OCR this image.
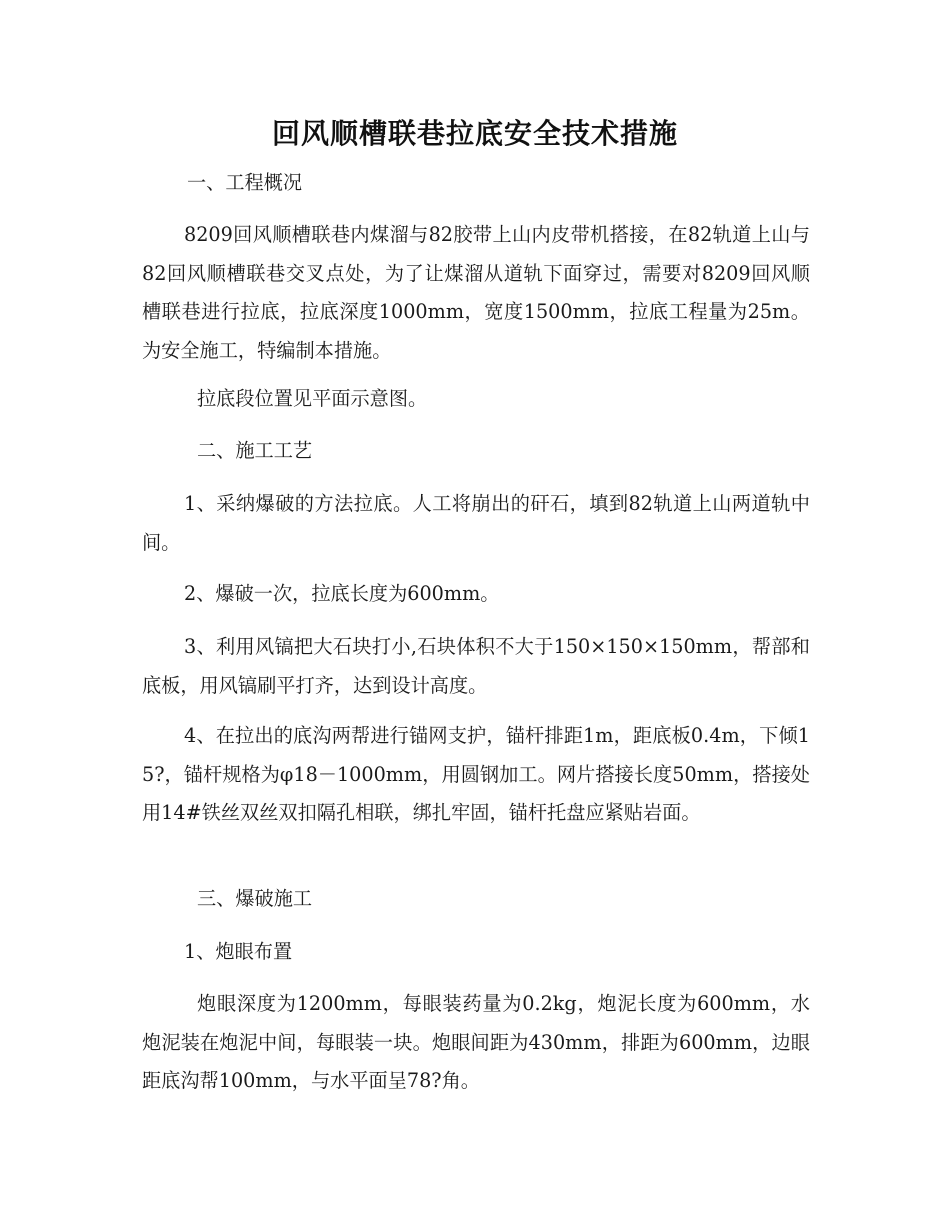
回风顺槽联巷拉底安全技术措施

一、工程概况

8209回风顺槽联巷内煤溜与82胶带上山内皮带机搭接，在82轨道上山与82回风顺槽联巷交叉点处，为了让煤溜从道轨下面穿过，需要对8209回风顺槽联巷进行拉底，拉底深度1000mm，宽度1500mm，拉底工程量为25m。为安全施工，特编制本措施。

拉底段位置见平面示意图。

二、施工工艺

1、采纳爆破的方法拉底。人工将崩出的矸石，填到82轨道上山两道轨中间。

2、爆破一次，拉底长度为600mm。

3、利用风镐把大石块打小,石块体积不大于150×150×150mm，帮部和底板，用风镐刷平打齐，达到设计高度。

4、在拉出的底沟两帮进行锚网支护，锚杆排距1m，距底板0.4m，下倾15?，锚杆规格为φ18－1000mm，用圆钢加工。网片搭接长度50mm，搭接处用14#铁丝双丝双扣隔孔相联，绑扎牢固，锚杆托盘应紧贴岩面。

三、爆破施工

1、炮眼布置

炮眼深度为1200mm，每眼装药量为0.2kg，炮泥长度为600mm，水炮泥装在炮泥中间，每眼装一块。炮眼间距为430mm，排距为600mm，边眼距底沟帮100mm，与水平面呈78?角。
